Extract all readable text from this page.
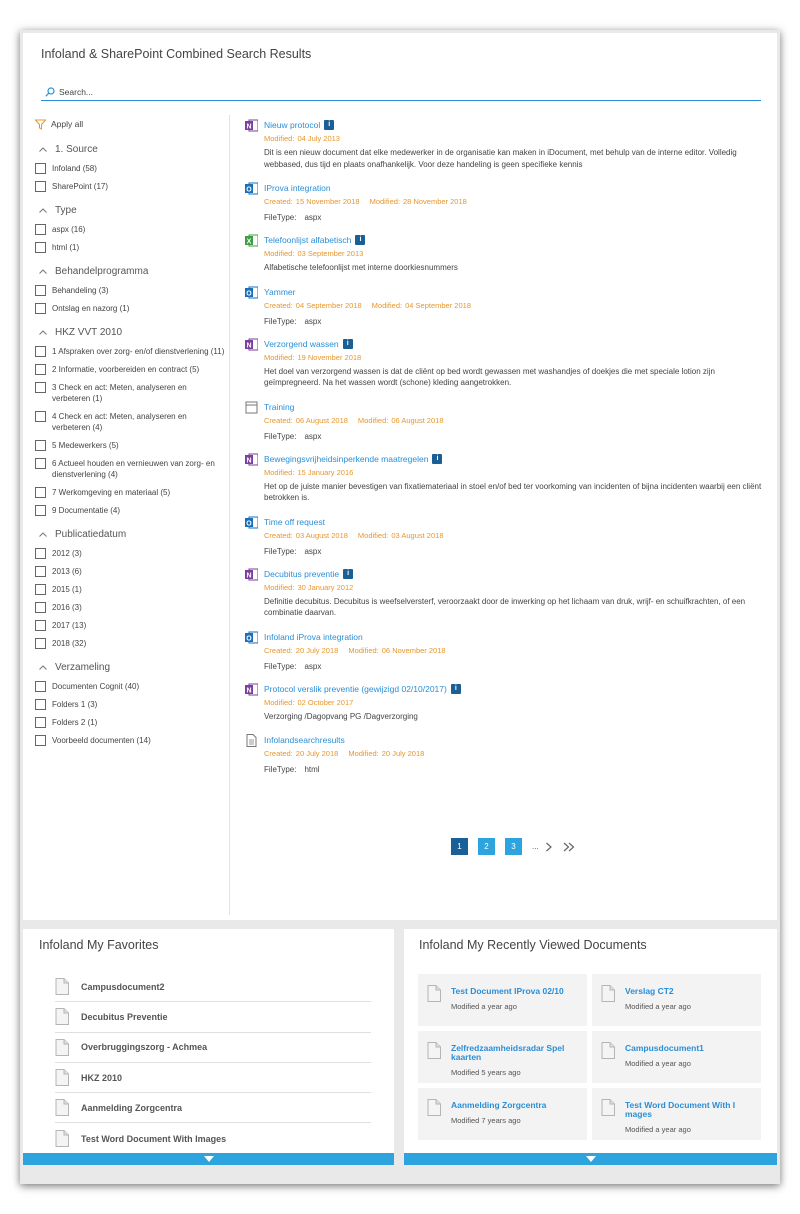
Infoland & SharePoint Combined Search Results
Search...
Apply all
1. Source
Infoland (58)
SharePoint (17)
Type
aspx (16)
html (1)
Behandelprogramma
Behandeling (3)
Ontslag en nazorg (1)
HKZ VVT 2010
1 Afspraken over zorg- en/of dienstverlening (11)
2 Informatie, voorbereiden en contract (5)
3 Check en act: Meten, analyseren en verbeteren (1)
4 Check en act: Meten, analyseren en verbeteren (4)
5 Medewerkers (5)
6 Actueel houden en vernieuwen van zorg- en dienstverlening (4)
7 Werkomgeving en materiaal (5)
9 Documentatie (4)
Publicatiedatum
2012 (3)
2013 (6)
2015 (1)
2016 (3)
2017 (13)
2018 (32)
Verzameling
Documenten Cognit (40)
Folders 1 (3)
Folders 2 (1)
Voorbeeld documenten (14)
N Nieuw protocol	i
Modified: 04 July 2013
Dit is een nieuw document dat elke medewerker in de organisatie kan maken in iDocument, met behulp van de interne editor. Volledig webbased, dus tijd en plaats onafhankelijk. Voor deze handeling is geen specifieke kennis
O IProva integration
Created: 15 November 2018 Modified: 28 November 2018
FileType: aspx
X Telefoonlijst alfabetisch	i
Modified: 03 September 2013
Alfabetische telefoonlijst met interne doorkiesnummers
O Yammer
Created: 04 September 2018 Modified: 04 September 2018
FileType: aspx
N Verzorgend wassen	i
Modified: 19 November 2018
Het doel van verzorgend wassen is dat de cliënt op bed wordt gewassen met washandjes of doekjes die met speciale lotion zijn geïmpregneerd. Na het wassen wordt (schone) kleding aangetrokken.
Training
Created: 06 August 2018 Modified: 06 August 2018
FileType: aspx
N Bewegingsvrijheidsinperkende maatregelen	i
Modified: 15 January 2016
Het op de juiste manier bevestigen van fixatiemateriaal in stoel en/of bed ter voorkoming van incidenten of bijna incidenten waarbij een cliënt betrokken is.
O Time off request
Created: 03 August 2018 Modified: 03 August 2018
FileType: aspx
N Decubitus preventie	i
Modified: 30 January 2012
Definitie decubitus. Decubitus is weefselversterf, veroorzaakt door de inwerking op het lichaam van druk, wrijf- en schuifkrachten, of een combinatie daarvan.
O Infoland iProva integration
Created: 20 July 2018 Modified: 06 November 2018
FileType: aspx
N Protocol verslik preventie (gewijzigd 02/10/2017)	i
Modified: 02 October 2017
Verzorging /Dagopvang PG /Dagverzorging
Infolandsearchresults
Created: 20 July 2018 Modified: 20 July 2018
FileType: html
1	2	3	...
Infoland My Favorites
Campusdocument2
Decubitus Preventie
Overbruggingszorg - Achmea
HKZ 2010
Aanmelding Zorgcentra
Test Word Document With Images
Infoland My Recently Viewed Documents
Test Document IProva 02/10
Modified a year ago
Verslag CT2
Modified a year ago
Zelfredzaamheidsradar Spel kaarten
Modified 5 years ago
Campusdocument1
Modified a year ago
Aanmelding Zorgcentra
Modified 7 years ago
Test Word Document With I mages
Modified a year ago
